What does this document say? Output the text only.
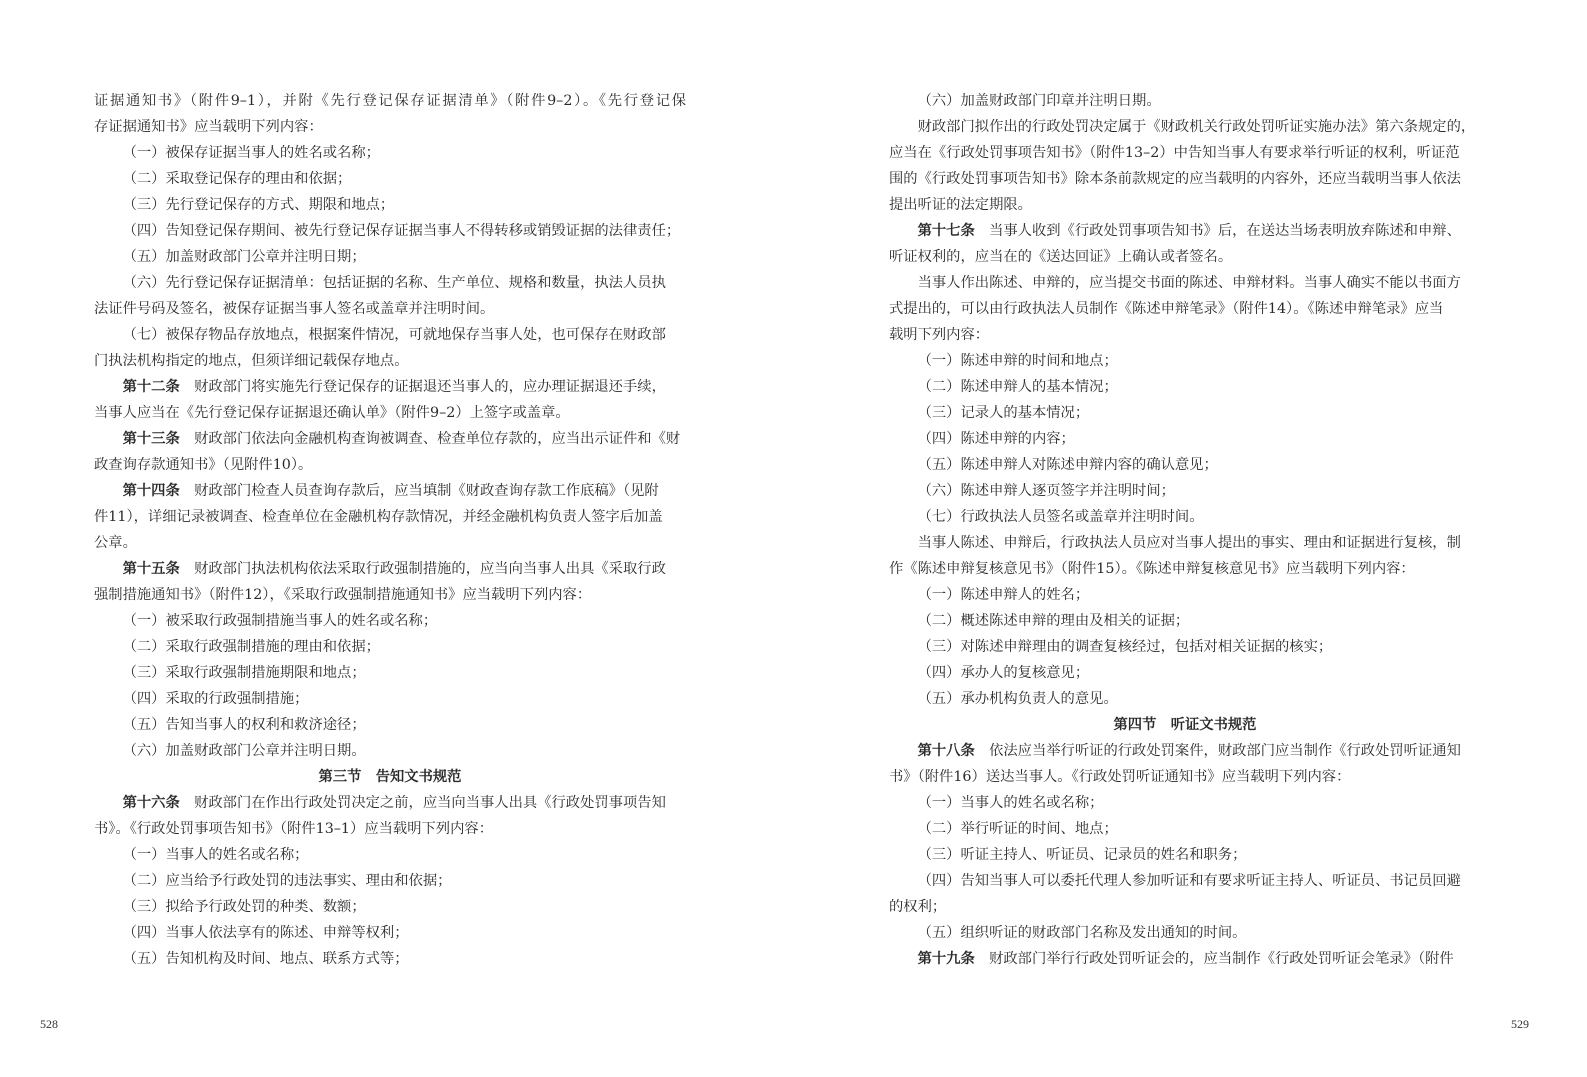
证据通知书》（附件9–1），并附《先行登记保存证据清单》（附件9–2）。《先行登记保
存证据通知书》应当载明下列内容：
（一）被保存证据当事人的姓名或名称；
（二）采取登记保存的理由和依据；
（三）先行登记保存的方式、期限和地点；
（四）告知登记保存期间、被先行登记保存证据当事人不得转移或销毁证据的法律责任；
（五）加盖财政部门公章并注明日期；
（六）先行登记保存证据清单：包括证据的名称、生产单位、规格和数量，执法人员执
法证件号码及签名，被保存证据当事人签名或盖章并注明时间。
（七）被保存物品存放地点，根据案件情况，可就地保存当事人处，也可保存在财政部
门执法机构指定的地点，但须详细记载保存地点。
第十二条　 财政部门将实施先行登记保存的证据退还当事人的，应办理证据退还手续，
当事人应当在《先行登记保存证据退还确认单》（附件9–2）上签字或盖章。
第十三条　 财政部门依法向金融机构查询被调查、检查单位存款的，应当出示证件和《财
政查询存款通知书》（见附件10）。
第十四条　 财政部门检查人员查询存款后，应当填制《财政查询存款工作底稿》（见附
件11），详细记录被调查、检查单位在金融机构存款情况，并经金融机构负责人签字后加盖
公章。
第十五条　 财政部门执法机构依法采取行政强制措施的，应当向当事人出具《采取行政
强制措施通知书》（附件12），《采取行政强制措施通知书》应当载明下列内容：
（一）被采取行政强制措施当事人的姓名或名称；
（二）采取行政强制措施的理由和依据；
（三）采取行政强制措施期限和地点；
（四）采取的行政强制措施；
（五）告知当事人的权利和救济途径；
（六）加盖财政部门公章并注明日期。
第三节　告知文书规范
第十六条　 财政部门在作出行政处罚决定之前，应当向当事人出具《行政处罚事项告知
书》。《行政处罚事项告知书》（附件13–1）应当载明下列内容：
（一）当事人的姓名或名称；
（二）应当给予行政处罚的违法事实、理由和依据；
（三）拟给予行政处罚的种类、数额；
（四）当事人依法享有的陈述、申辩等权利；
（五）告知机构及时间、地点、联系方式等；
（六）加盖财政部门印章并注明日期。
财政部门拟作出的行政处罚决定属于《财政机关行政处罚听证实施办法》第六条规定的，
应当在《行政处罚事项告知书》（附件13–2）中告知当事人有要求举行听证的权利，听证范
围的《行政处罚事项告知书》除本条前款规定的应当载明的内容外，还应当载明当事人依法
提出听证的法定期限。
第十七条　 当事人收到《行政处罚事项告知书》后，在送达当场表明放弃陈述和申辩、
听证权利的，应当在的《送达回证》上确认或者签名。
当事人作出陈述、申辩的，应当提交书面的陈述、申辩材料。当事人确实不能以书面方
式提出的，可以由行政执法人员制作《陈述申辩笔录》（附件14）。《陈述申辩笔录》应当
载明下列内容：
（一）陈述申辩的时间和地点；
（二）陈述申辩人的基本情况；
（三）记录人的基本情况；
（四）陈述申辩的内容；
（五）陈述申辩人对陈述申辩内容的确认意见；
（六）陈述申辩人逐页签字并注明时间；
（七）行政执法人员签名或盖章并注明时间。
当事人陈述、申辩后，行政执法人员应对当事人提出的事实、理由和证据进行复核，制
作《陈述申辩复核意见书》（附件15）。《陈述申辩复核意见书》应当载明下列内容：
（一）陈述申辩人的姓名；
（二）概述陈述申辩的理由及相关的证据；
（三）对陈述申辩理由的调查复核经过，包括对相关证据的核实；
（四）承办人的复核意见；
（五）承办机构负责人的意见。
第四节　听证文书规范
第十八条　 依法应当举行听证的行政处罚案件，财政部门应当制作《行政处罚听证通知
书》（附件16）送达当事人。《行政处罚听证通知书》应当载明下列内容：
（一）当事人的姓名或名称；
（二）举行听证的时间、地点；
（三）听证主持人、听证员、记录员的姓名和职务；
（四）告知当事人可以委托代理人参加听证和有要求听证主持人、听证员、书记员回避
的权利；
（五）组织听证的财政部门名称及发出通知的时间。
第十九条　 财政部门举行行政处罚听证会的，应当制作《行政处罚听证会笔录》（附件
528	529
